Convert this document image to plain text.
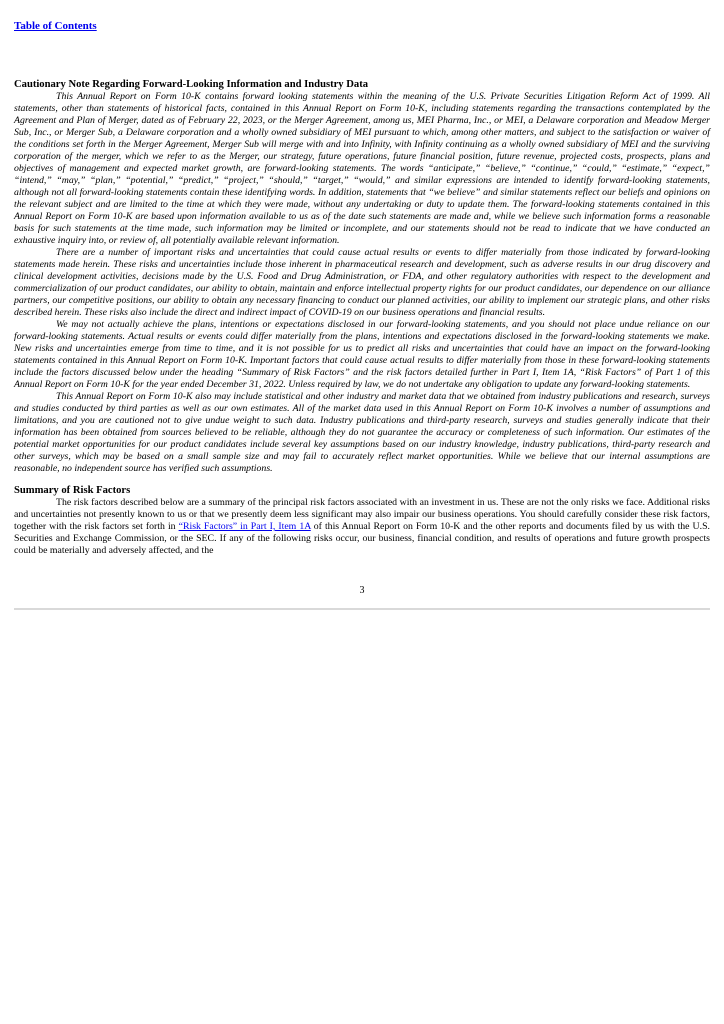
Table of Contents
Cautionary Note Regarding Forward-Looking Information and Industry Data

This Annual Report on Form 10-K contains forward looking statements within the meaning of the U.S. Private Securities Litigation Reform Act of 1999. All statements, other than statements of historical facts, contained in this Annual Report on Form 10-K, including statements regarding the transactions contemplated by the Agreement and Plan of Merger, dated as of February 22, 2023, or the Merger Agreement, among us, MEI Pharma, Inc., or MEI, a Delaware corporation and Meadow Merger Sub, Inc., or Merger Sub, a Delaware corporation and a wholly owned subsidiary of MEI pursuant to which, among other matters, and subject to the satisfaction or waiver of the conditions set forth in the Merger Agreement, Merger Sub will merge with and into Infinity, with Infinity continuing as a wholly owned subsidiary of MEI and the surviving corporation of the merger, which we refer to as the Merger, our strategy, future operations, future financial position, future revenue, projected costs, prospects, plans and objectives of management and expected market growth, are forward-looking statements. The words “anticipate,” “believe,” “continue,” “could,” “estimate,” “expect,” “intend,” “may,” “plan,” “potential,” “predict,” “project,” “should,” “target,” “would,” and similar expressions are intended to identify forward-looking statements, although not all forward-looking statements contain these identifying words. In addition, statements that “we believe” and similar statements reflect our beliefs and opinions on the relevant subject and are limited to the time at which they were made, without any undertaking or duty to update them. The forward-looking statements contained in this Annual Report on Form 10-K are based upon information available to us as of the date such statements are made and, while we believe such information forms a reasonable basis for such statements at the time made, such information may be limited or incomplete, and our statements should not be read to indicate that we have conducted an exhaustive inquiry into, or review of, all potentially available relevant information.

There are a number of important risks and uncertainties that could cause actual results or events to differ materially from those indicated by forward-looking statements made herein. These risks and uncertainties include those inherent in pharmaceutical research and development, such as adverse results in our drug discovery and clinical development activities, decisions made by the U.S. Food and Drug Administration, or FDA, and other regulatory authorities with respect to the development and commercialization of our product candidates, our ability to obtain, maintain and enforce intellectual property rights for our product candidates, our dependence on our alliance partners, our competitive positions, our ability to obtain any necessary financing to conduct our planned activities, our ability to implement our strategic plans, and other risks described herein. These risks also include the direct and indirect impact of COVID-19 on our business operations and financial results.

We may not actually achieve the plans, intentions or expectations disclosed in our forward-looking statements, and you should not place undue reliance on our forward-looking statements. Actual results or events could differ materially from the plans, intentions and expectations disclosed in the forward-looking statements we make. New risks and uncertainties emerge from time to time, and it is not possible for us to predict all risks and uncertainties that could have an impact on the forward-looking statements contained in this Annual Report on Form 10-K. Important factors that could cause actual results to differ materially from those in these forward-looking statements include the factors discussed below under the heading “Summary of Risk Factors” and the risk factors detailed further in Part I, Item 1A, “Risk Factors” of Part 1 of this Annual Report on Form 10-K for the year ended December 31, 2022. Unless required by law, we do not undertake any obligation to update any forward-looking statements.

This Annual Report on Form 10-K also may include statistical and other industry and market data that we obtained from industry publications and research, surveys and studies conducted by third parties as well as our own estimates. All of the market data used in this Annual Report on Form 10-K involves a number of assumptions and limitations, and you are cautioned not to give undue weight to such data. Industry publications and third-party research, surveys and studies generally indicate that their information has been obtained from sources believed to be reliable, although they do not guarantee the accuracy or completeness of such information. Our estimates of the potential market opportunities for our product candidates include several key assumptions based on our industry knowledge, industry publications, third-party research and other surveys, which may be based on a small sample size and may fail to accurately reflect market opportunities. While we believe that our internal assumptions are reasonable, no independent source has verified such assumptions.

Summary of Risk Factors

The risk factors described below are a summary of the principal risk factors associated with an investment in us. These are not the only risks we face. Additional risks and uncertainties not presently known to us or that we presently deem less significant may also impair our business operations. You should carefully consider these risk factors, together with the risk factors set forth in “Risk Factors” in Part I, Item 1A of this Annual Report on Form 10-K and the other reports and documents filed by us with the U.S. Securities and Exchange Commission, or the SEC. If any of the following risks occur, our business, financial condition, and results of operations and future growth prospects could be materially and adversely affected, and the

3
